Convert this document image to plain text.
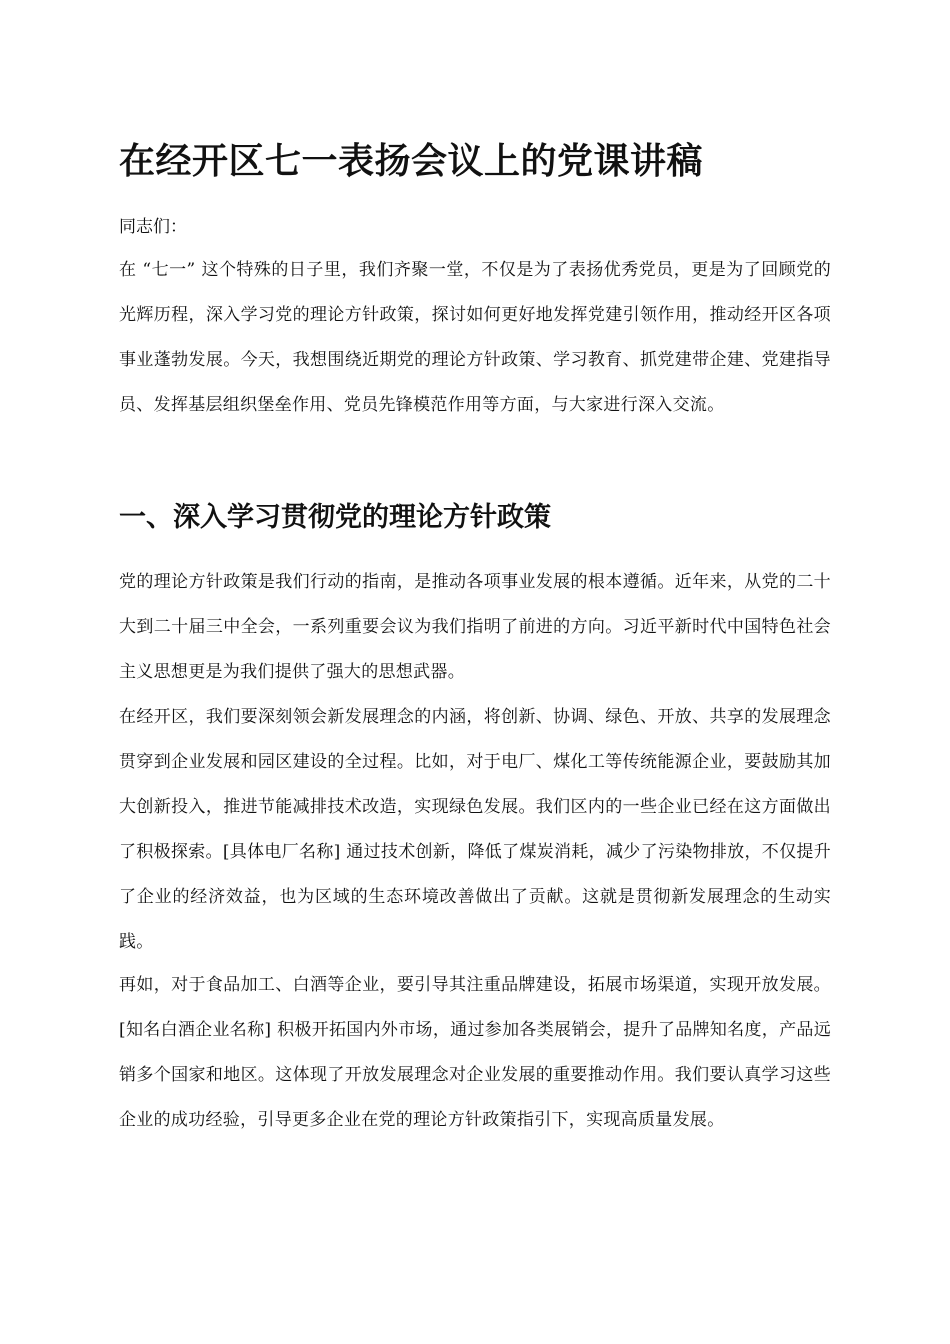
在经开区七一表扬会议上的党课讲稿

同志们：

在 “七一” 这个特殊的日子里，我们齐聚一堂，不仅是为了表扬优秀党员，更是为了回顾党的光辉历程，深入学习党的理论方针政策，探讨如何更好地发挥党建引领作用，推动经开区各项事业蓬勃发展。今天，我想围绕近期党的理论方针政策、学习教育、抓党建带企建、党建指导员、发挥基层组织堡垒作用、党员先锋模范作用等方面，与大家进行深入交流。

一、深入学习贯彻党的理论方针政策

党的理论方针政策是我们行动的指南，是推动各项事业发展的根本遵循。近年来，从党的二十大到二十届三中全会，一系列重要会议为我们指明了前进的方向。习近平新时代中国特色社会主义思想更是为我们提供了强大的思想武器。

在经开区，我们要深刻领会新发展理念的内涵，将创新、协调、绿色、开放、共享的发展理念贯穿到企业发展和园区建设的全过程。比如，对于电厂、煤化工等传统能源企业，要鼓励其加大创新投入，推进节能减排技术改造，实现绿色发展。我们区内的一些企业已经在这方面做出了积极探索。[具体电厂名称] 通过技术创新，降低了煤炭消耗，减少了污染物排放，不仅提升了企业的经济效益，也为区域的生态环境改善做出了贡献。这就是贯彻新发展理念的生动实践。

再如，对于食品加工、白酒等企业，要引导其注重品牌建设，拓展市场渠道，实现开放发展。[知名白酒企业名称] 积极开拓国内外市场，通过参加各类展销会，提升了品牌知名度，产品远销多个国家和地区。这体现了开放发展理念对企业发展的重要推动作用。我们要认真学习这些企业的成功经验，引导更多企业在党的理论方针政策指引下，实现高质量发展。
